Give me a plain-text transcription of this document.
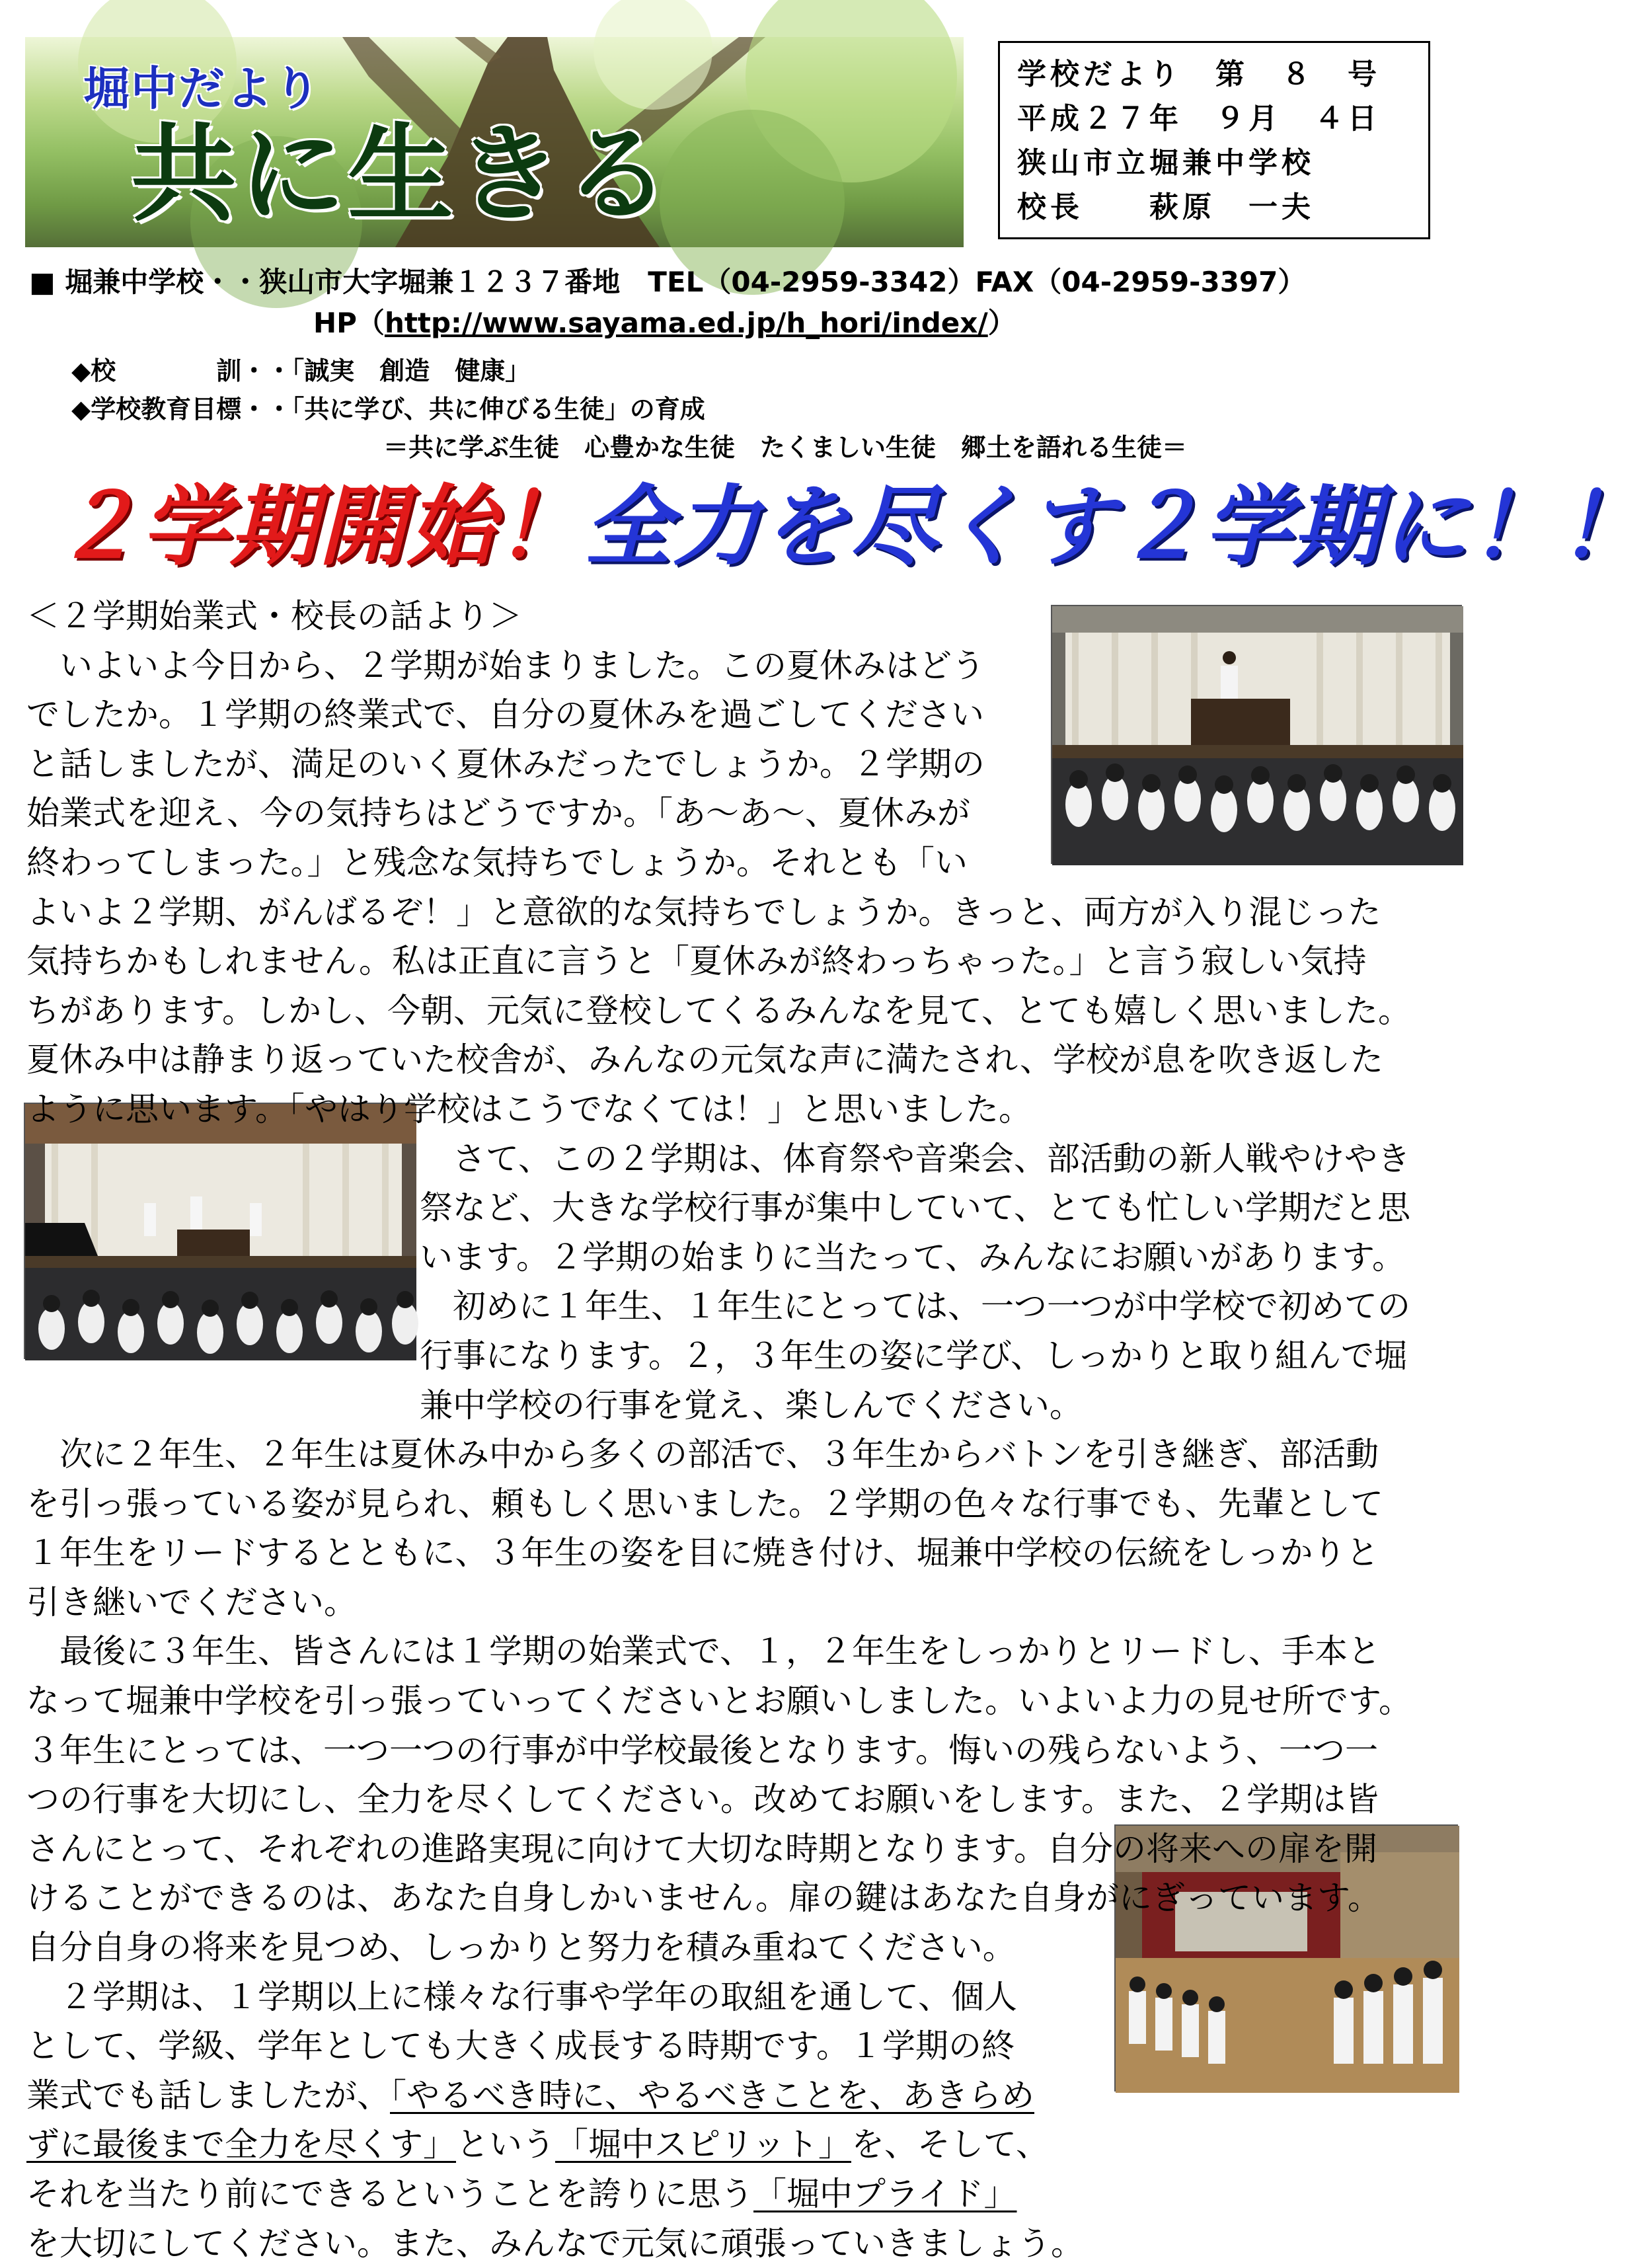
堀中だより
共に生きる
学校だより　第　８　号
平成２７年　９月　４日
狭山市立堀兼中学校
校長　　萩原　一夫
■ 堀兼中学校・・狭山市大字堀兼１２３７番地　TEL（04-2959-3342）FAX（04-2959-3397）
HP（http://www.sayama.ed.jp/h_hori/index/）
◆校　　　　訓・・「誠実　創造　健康」
◆学校教育目標・・「共に学び、共に伸びる生徒」の育成
＝共に学ぶ生徒　心豊かな生徒　たくましい生徒　郷土を語れる生徒＝
２学期開始！全力を尽くす２学期に！！
＜２学期始業式・校長の話より＞
　いよいよ今日から、２学期が始まりました。この夏休みはどう
でしたか。１学期の終業式で、自分の夏休みを過ごしてください
と話しましたが、満足のいく夏休みだったでしょうか。２学期の
始業式を迎え、今の気持ちはどうですか。「あ～あ～、夏休みが
終わってしまった。」と残念な気持ちでしょうか。それとも「い
よいよ２学期、がんばるぞ！」と意欲的な気持ちでしょうか。きっと、両方が入り混じった
気持ちかもしれません。私は正直に言うと「夏休みが終わっちゃった。」と言う寂しい気持
ちがあります。しかし、今朝、元気に登校してくるみんなを見て、とても嬉しく思いました。
夏休み中は静まり返っていた校舎が、みんなの元気な声に満たされ、学校が息を吹き返した
ように思います。「やはり学校はこうでなくては！」と思いました。
　さて、この２学期は、体育祭や音楽会、部活動の新人戦やけやき
祭など、大きな学校行事が集中していて、とても忙しい学期だと思
います。２学期の始まりに当たって、みんなにお願いがあります。
　初めに１年生、１年生にとっては、一つ一つが中学校で初めての
行事になります。２，３年生の姿に学び、しっかりと取り組んで堀
兼中学校の行事を覚え、楽しんでください。
　次に２年生、２年生は夏休み中から多くの部活で、３年生からバトンを引き継ぎ、部活動
を引っ張っている姿が見られ、頼もしく思いました。２学期の色々な行事でも、先輩として
１年生をリードするとともに、３年生の姿を目に焼き付け、堀兼中学校の伝統をしっかりと
引き継いでください。
　最後に３年生、皆さんには１学期の始業式で、１，２年生をしっかりとリードし、手本と
なって堀兼中学校を引っ張っていってくださいとお願いしました。いよいよ力の見せ所です。
３年生にとっては、一つ一つの行事が中学校最後となります。悔いの残らないよう、一つ一
つの行事を大切にし、全力を尽くしてください。改めてお願いをします。また、２学期は皆
さんにとって、それぞれの進路実現に向けて大切な時期となります。自分の将来への扉を開
けることができるのは、あなた自身しかいません。扉の鍵はあなた自身がにぎっています。
自分自身の将来を見つめ、しっかりと努力を積み重ねてください。
　２学期は、１学期以上に様々な行事や学年の取組を通して、個人
として、学級、学年としても大きく成長する時期です。１学期の終
業式でも話しましたが、「やるべき時に、やるべきことを、あきらめ
ずに最後まで全力を尽くす」という「堀中スピリット」を、そして、
それを当たり前にできるということを誇りに思う「堀中プライド」
を大切にしてください。また、みんなで元気に頑張っていきましょう。
